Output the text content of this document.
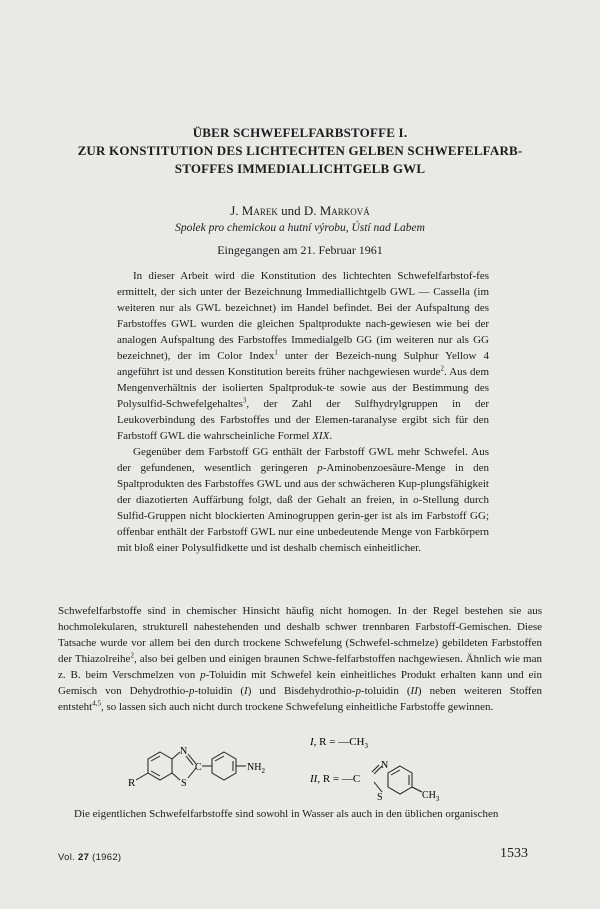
ÜBER SCHWEFELFARBSTOFFE I.
ZUR KONSTITUTION DES LICHTECHTEN GELBEN SCHWEFELFARB-
STOFFES IMMEDIALLICHTGELB GWL
J. Marek und D. Marková
Spolek pro chemickou a hutní výrobu, Ústí nad Labem
Eingegangen am 21. Februar 1961

In dieser Arbeit wird die Konstitution des lichtechten Schwefelfarbstof-fes ermittelt, der sich unter der Bezeichnung Immediallichtgelb GWL — Cassella (im weiteren nur als GWL bezeichnet) im Handel befindet. Bei der Aufspaltung des Farbstoffes GWL wurden die gleichen Spaltprodukte nach-gewiesen wie bei der analogen Aufspaltung des Farbstoffes Immedialgelb GG (im weiteren nur als GG bezeichnet), der im Color Index$^1$ unter der Bezeich-nung Sulphur Yellow 4 angeführt ist und dessen Konstitution bereits früher nachgewiesen wurde$^2$. Aus dem Mengenverhältnis der isolierten Spaltproduk-te sowie aus der Bestimmung des Polysulfid-Schwefelgehaltes$^3$, der Zahl der Sulfhydrylgruppen in der Leukoverbindung des Farbstoffes und der Elemen-taranalyse ergibt sich für den Farbstoff GWL die wahrscheinliche Formel XIX.

Gegenüber dem Farbstoff GG enthält der Farbstoff GWL mehr Schwefel. Aus der gefundenen, wesentlich geringeren p-Aminobenzoesäure-Menge in den Spaltprodukten des Farbstoffes GWL und aus der schwächeren Kup-plungsfähigkeit der diazotierten Auffärbung folgt, daß der Gehalt an freien, in o-Stellung durch Sulfid-Gruppen nicht blockierten Aminogruppen gerin-ger ist als im Farbstoff GG; offenbar enthält der Farbstoff GWL nur eine unbedeutende Menge von Farbkörpern mit bloß einer Polysulfidkette und ist deshalb chemisch einheitlicher.

Schwefelfarbstoffe sind in chemischer Hinsicht häufig nicht homogen. In der Regel bestehen sie aus hochmolekularen, strukturell nahestehenden und deshalb schwer trennbaren Farbstoff-Gemischen. Diese Tatsache wurde vor allem bei den durch trockene Schwefelung (Schwefel-schmelze) gebildeten Farbstoffen der Thiazolreihe$^2$, also bei gelben und einigen braunen Schwe-felfarbstoffen nachgewiesen. Ähnlich wie man z. B. beim Verschmelzen von p-Toluidin mit Schwefel kein einheitliches Produkt erhalten kann und ein Gemisch von Dehydrothio-p-toluidin (I) und Bisdehydrothio-p-toluidin (II) neben weiteren Stoffen entsteht$^{4,5}$, so lassen sich auch nicht durch trockene Schwefelung einheitliche Farbstoffe gewinnen.

R
N
S
C	$NH_2$
I, $R = —CH_3$
II, R = —C
N
S	$CH_3$
Die eigentlichen Schwefelfarbstoffe sind sowohl in Wasser als auch in den üblichen organischen
Vol. 27 (1962)	1533
